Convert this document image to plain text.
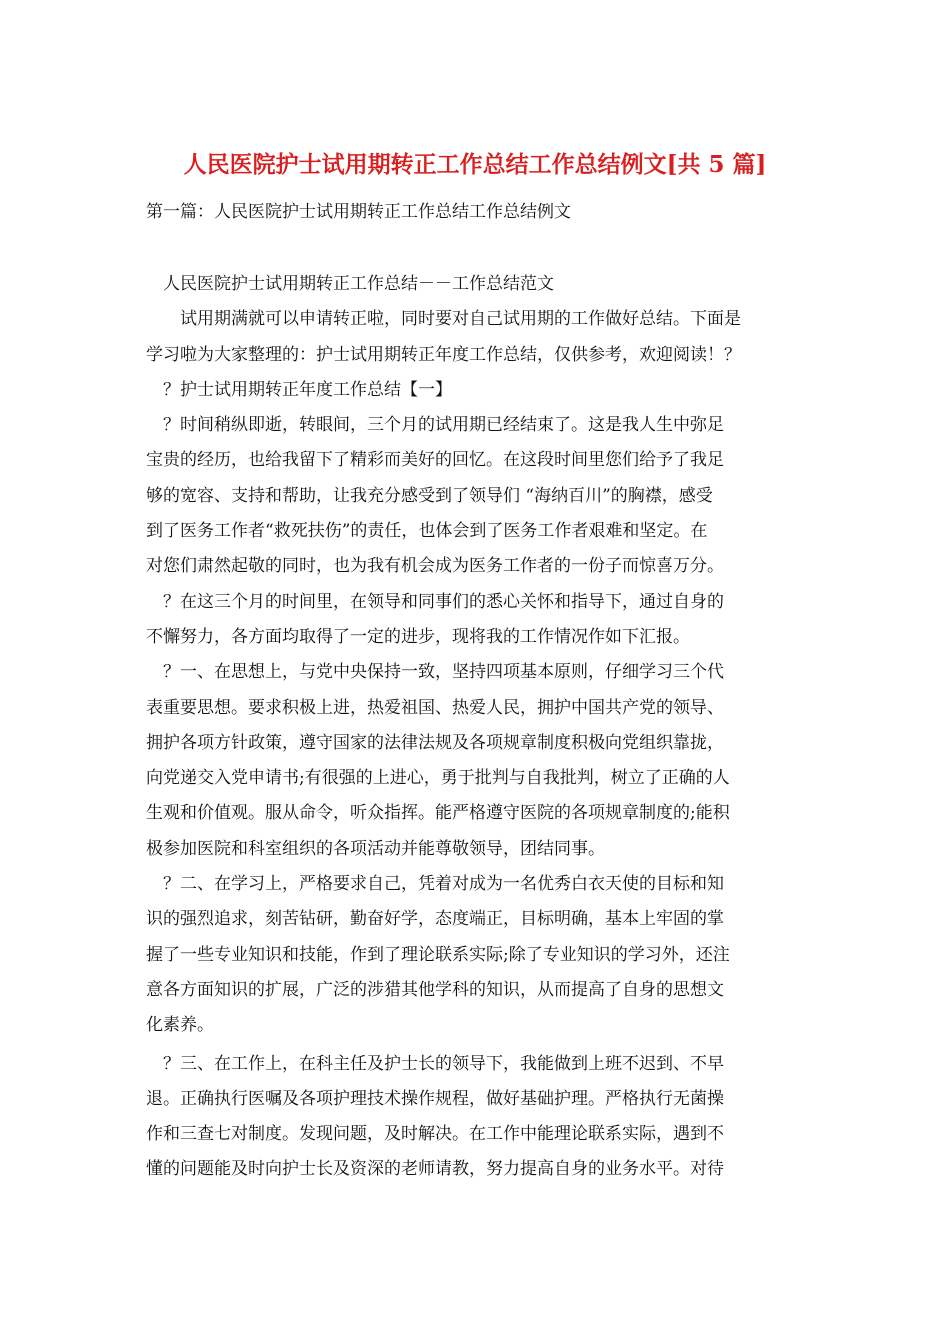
人民医院护士试用期转正工作总结工作总结例文[共 5 篇]
第一篇：人民医院护士试用期转正工作总结工作总结例文
　人民医院护士试用期转正工作总结－－工作总结范文
　　试用期满就可以申请转正啦，同时要对自己试用期的工作做好总结。下面是
学习啦为大家整理的：护士试用期转正年度工作总结，仅供参考，欢迎阅读！？
　？护士试用期转正年度工作总结【一】
　？时间稍纵即逝，转眼间，三个月的试用期已经结束了。这是我人生中弥足
宝贵的经历，也给我留下了精彩而美好的回忆。在这段时间里您们给予了我足
够的宽容、支持和帮助，让我充分感受到了领导们 “海纳百川”的胸襟，感受
到了医务工作者“救死扶伤”的责任，也体会到了医务工作者艰难和坚定。在
对您们肃然起敬的同时，也为我有机会成为医务工作者的一份子而惊喜万分。
　？在这三个月的时间里，在领导和同事们的悉心关怀和指导下，通过自身的
不懈努力，各方面均取得了一定的进步，现将我的工作情况作如下汇报。
　？一、在思想上，与党中央保持一致，坚持四项基本原则，仔细学习三个代
表重要思想。要求积极上进，热爱祖国、热爱人民，拥护中国共产党的领导、
拥护各项方针政策，遵守国家的法律法规及各项规章制度积极向党组织靠拢，
向党递交入党申请书;有很强的上进心，勇于批判与自我批判，树立了正确的人
生观和价值观。服从命令，听众指挥。能严格遵守医院的各项规章制度的;能积
极参加医院和科室组织的各项活动并能尊敬领导，团结同事。
　？二、在学习上，严格要求自己，凭着对成为一名优秀白衣天使的目标和知
识的强烈追求，刻苦钻研，勤奋好学，态度端正，目标明确，基本上牢固的掌
握了一些专业知识和技能，作到了理论联系实际;除了专业知识的学习外，还注
意各方面知识的扩展，广泛的涉猎其他学科的知识，从而提高了自身的思想文
化素养。
　？三、在工作上，在科主任及护士长的领导下，我能做到上班不迟到、不早
退。正确执行医嘱及各项护理技术操作规程，做好基础护理。严格执行无菌操
作和三查七对制度。发现问题，及时解决。在工作中能理论联系实际，遇到不
懂的问题能及时向护士长及资深的老师请教，努力提高自身的业务水平。对待
